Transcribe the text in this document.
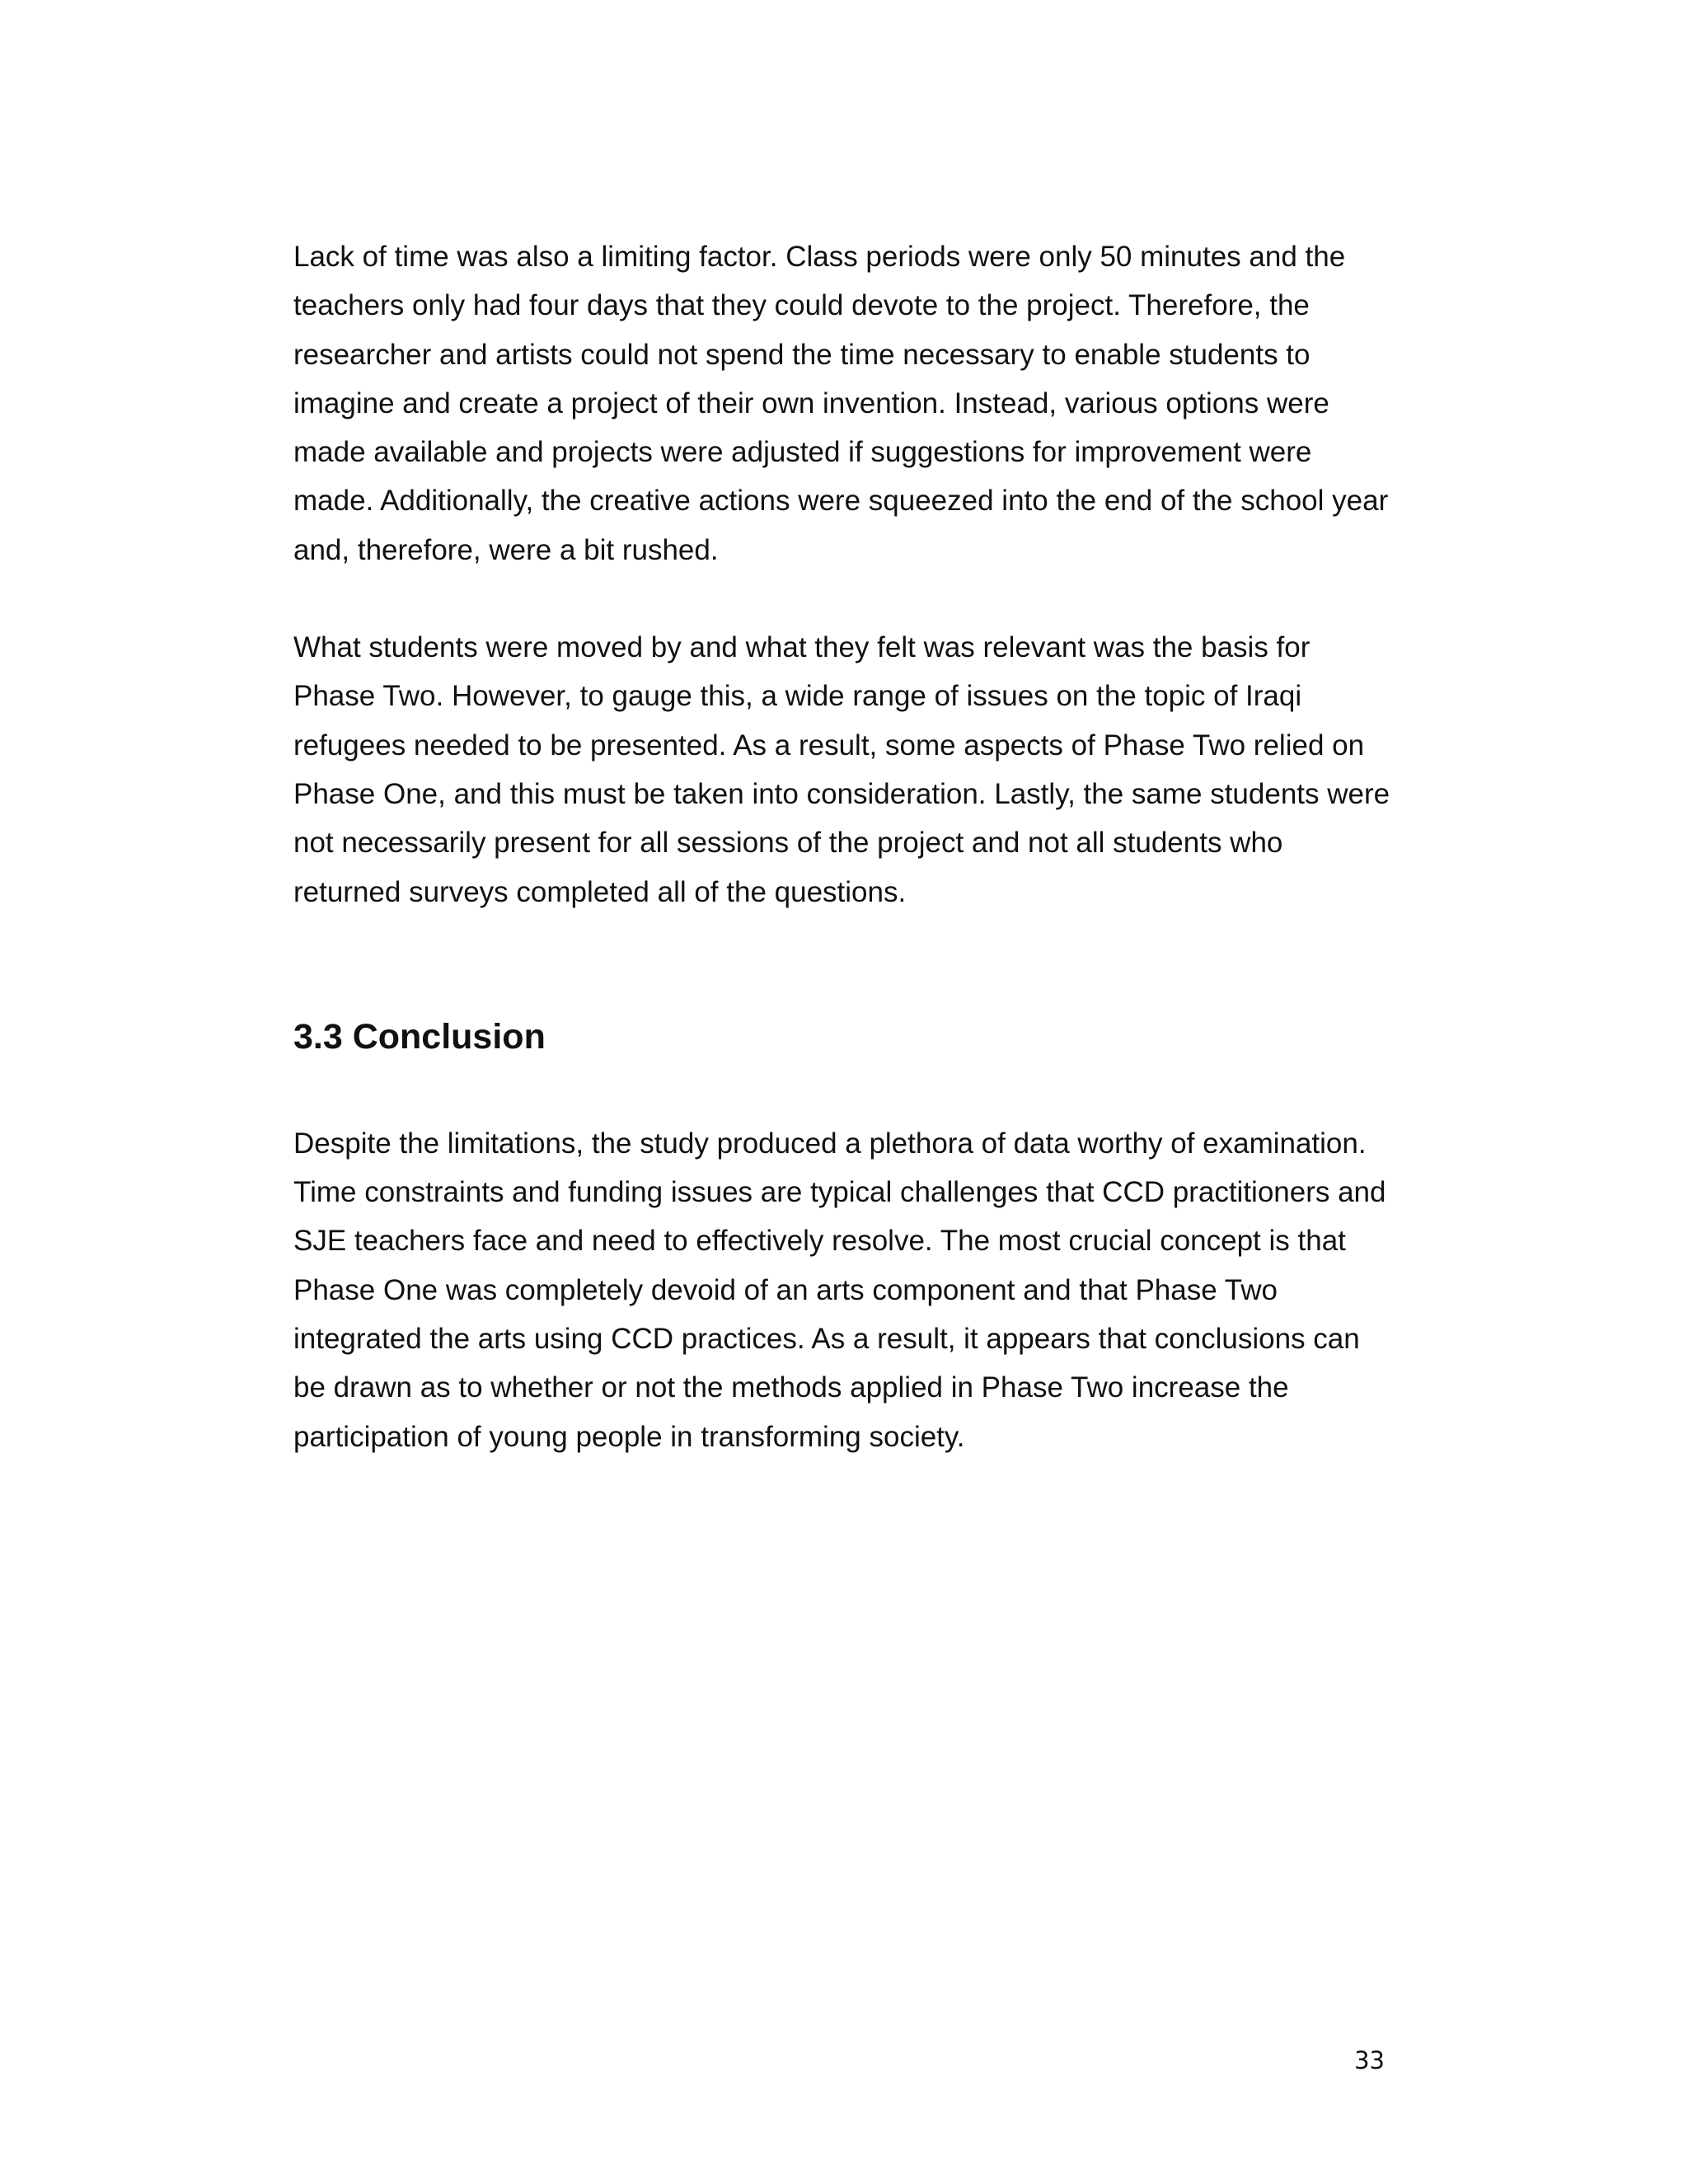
Lack of time was also a limiting factor. Class periods were only 50 minutes and the teachers only had four days that they could devote to the project. Therefore, the researcher and artists could not spend the time necessary to enable students to imagine and create a project of their own invention. Instead, various options were made available and projects were adjusted if suggestions for improvement were made. Additionally, the creative actions were squeezed into the end of the school year and, therefore, were a bit rushed.

What students were moved by and what they felt was relevant was the basis for Phase Two. However, to gauge this, a wide range of issues on the topic of Iraqi refugees needed to be presented. As a result, some aspects of Phase Two relied on Phase One, and this must be taken into consideration. Lastly, the same students were not necessarily present for all sessions of the project and not all students who returned surveys completed all of the questions.

3.3 Conclusion

Despite the limitations, the study produced a plethora of data worthy of examination. Time constraints and funding issues are typical challenges that CCD practitioners and SJE teachers face and need to effectively resolve. The most crucial concept is that Phase One was completely devoid of an arts component and that Phase Two integrated the arts using CCD practices. As a result, it appears that conclusions can be drawn as to whether or not the methods applied in Phase Two increase the participation of young people in transforming society.

33
